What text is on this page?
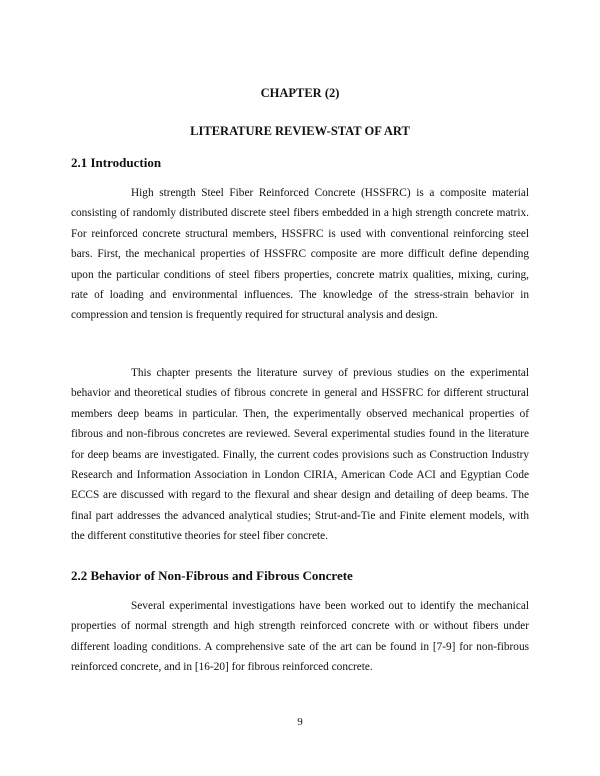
CHAPTER (2)
LITERATURE REVIEW-STAT OF ART
2.1 Introduction

High strength Steel Fiber Reinforced Concrete (HSSFRC) is a composite material consisting of randomly distributed discrete steel fibers embedded in a high strength concrete matrix. For reinforced concrete structural members, HSSFRC is used with conventional reinforcing steel bars. First, the mechanical properties of HSSFRC composite are more difficult define depending upon the particular conditions of steel fibers properties, concrete matrix qualities, mixing, curing, rate of loading and environmental influences. The knowledge of the stress-strain behavior in compression and tension is frequently required for structural analysis and design.

This chapter presents the literature survey of previous studies on the experimental behavior and theoretical studies of fibrous concrete in general and HSSFRC for different structural members deep beams in particular. Then, the experimentally observed mechanical properties of fibrous and non-fibrous concretes are reviewed. Several experimental studies found in the literature for deep beams are investigated. Finally, the current codes provisions such as Construction Industry Research and Information Association in London CIRIA, American Code ACI and Egyptian Code ECCS are discussed with regard to the flexural and shear design and detailing of deep beams. The final part addresses the advanced analytical studies; Strut-and-Tie and Finite element models, with the different constitutive theories for steel fiber concrete.

2.2 Behavior of Non-Fibrous and Fibrous Concrete

Several experimental investigations have been worked out to identify the mechanical properties of normal strength and high strength reinforced concrete with or without fibers under different loading conditions. A comprehensive sate of the art can be found in [7-9] for non-fibrous reinforced concrete, and in [16-20] for fibrous reinforced concrete.

9
